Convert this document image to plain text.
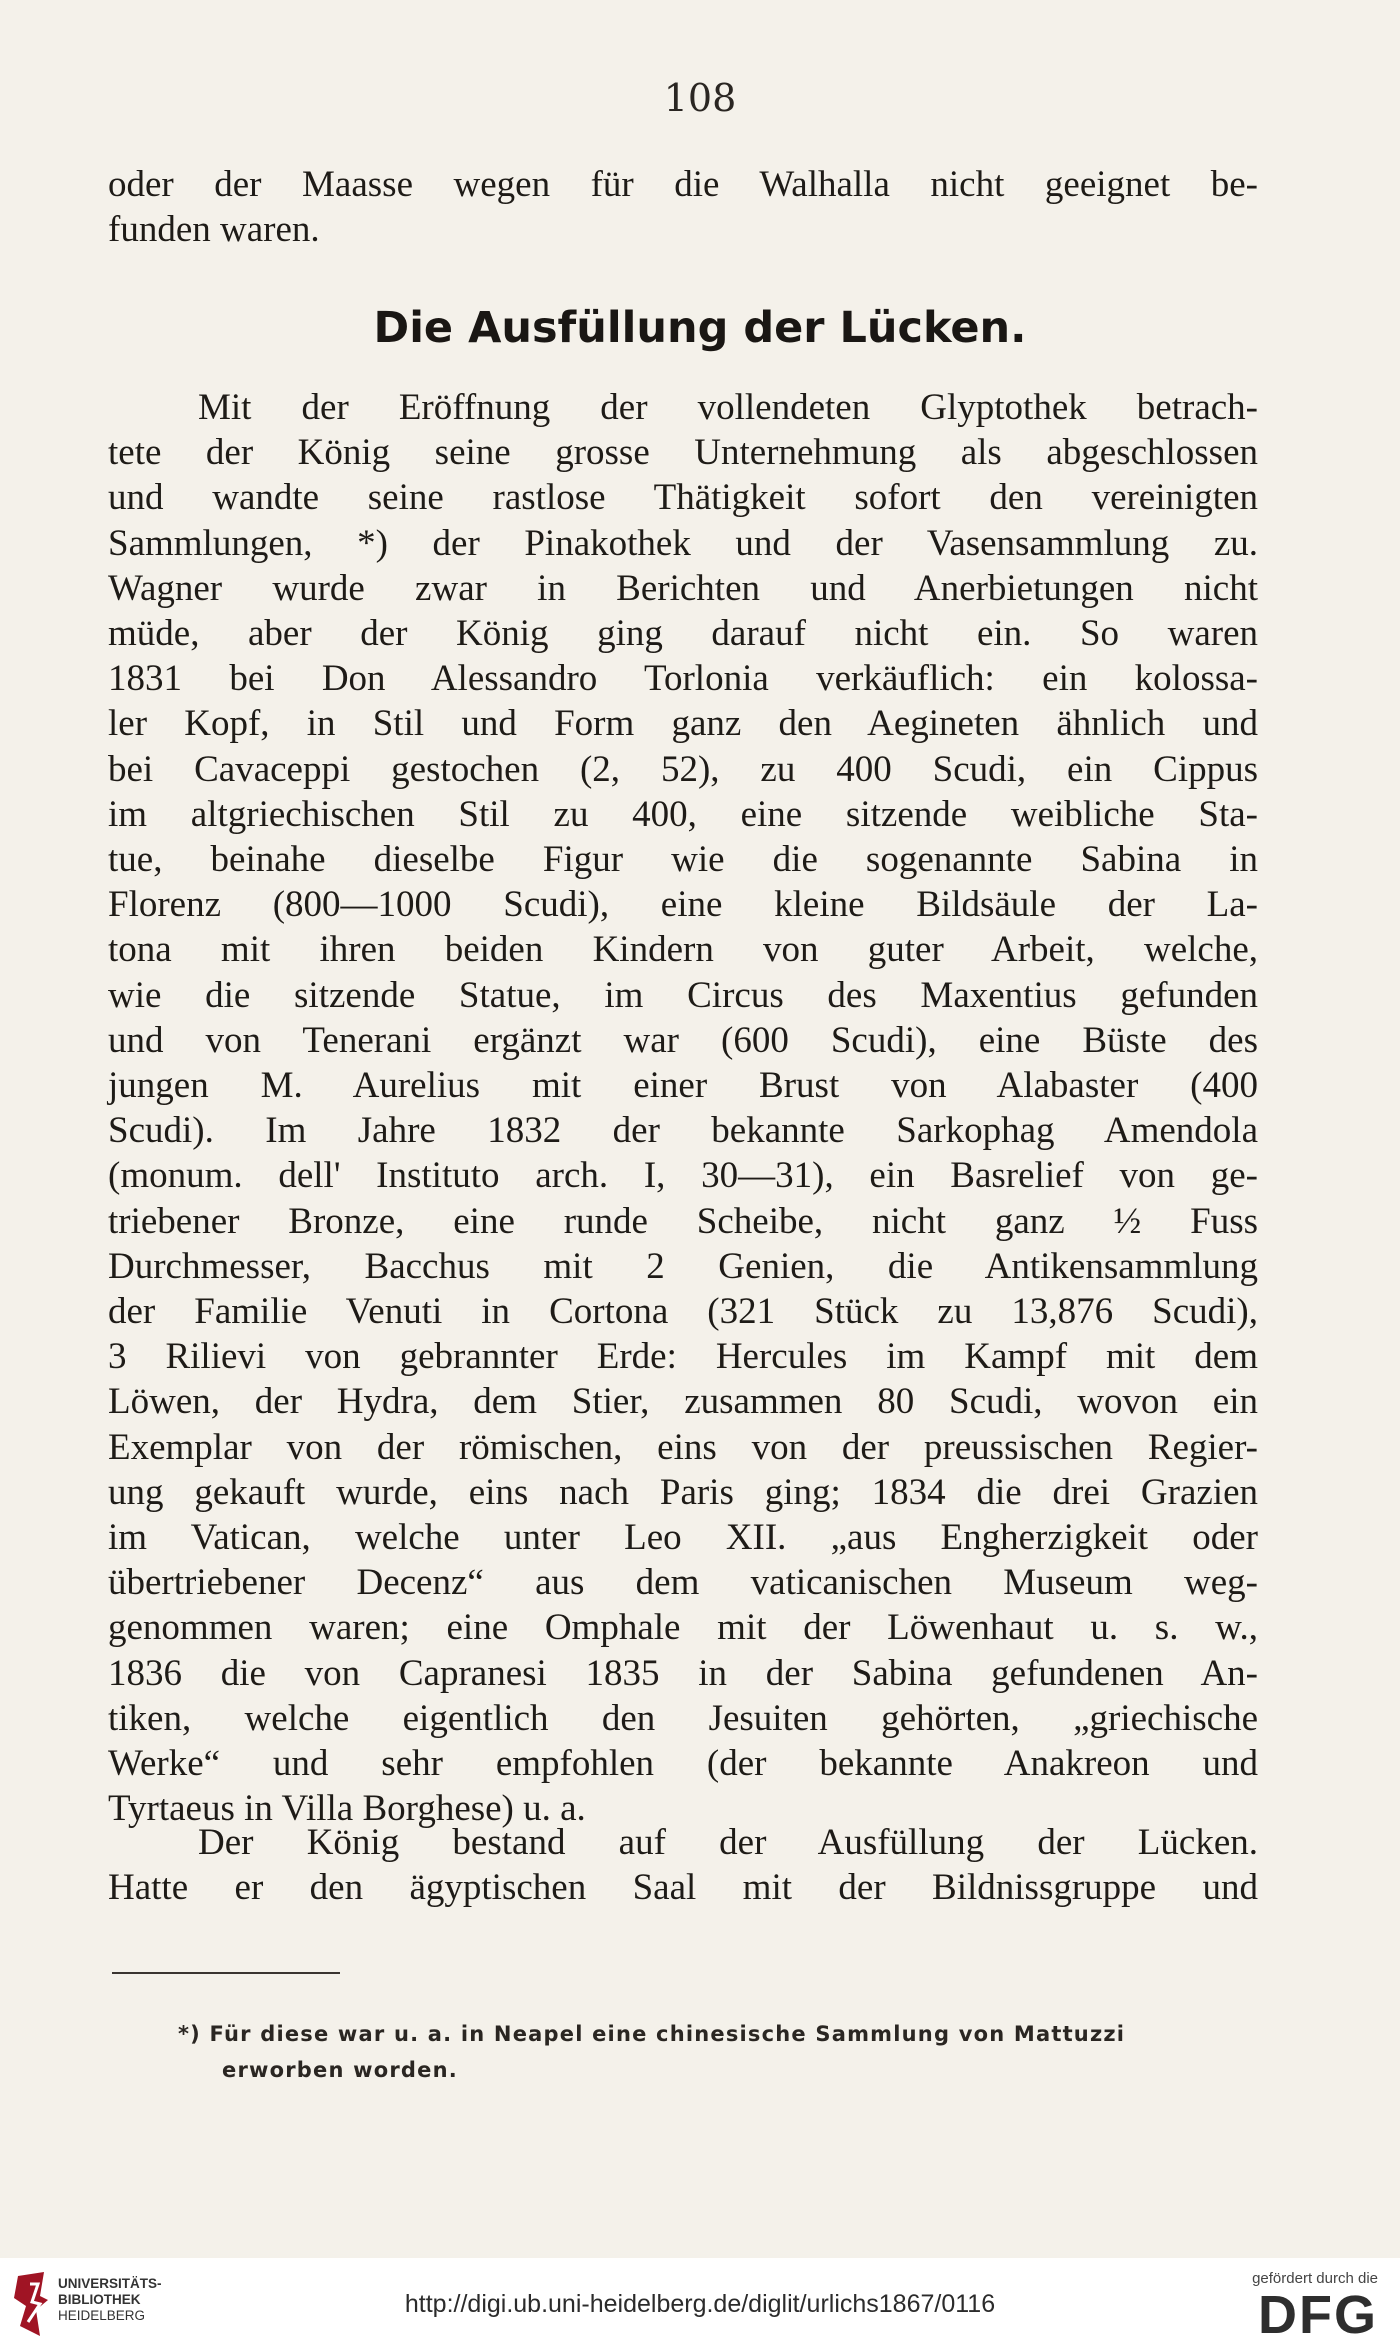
108
oder der Maasse wegen für die Walhalla nicht geeignet be-
funden waren.
Die Ausfüllung der Lücken.
Mit der Eröffnung der vollendeten Glyptothek betrach-
tete der König seine grosse Unternehmung als abgeschlossen
und wandte seine rastlose Thätigkeit sofort den vereinigten
Sammlungen, *) der Pinakothek und der Vasensammlung zu.
Wagner wurde zwar in Berichten und Anerbietungen nicht
müde, aber der König ging darauf nicht ein. So waren
1831 bei Don Alessandro Torlonia verkäuflich: ein kolossa-
ler Kopf, in Stil und Form ganz den Aegineten ähnlich und
bei Cavaceppi gestochen (2, 52), zu 400 Scudi, ein Cippus
im altgriechischen Stil zu 400, eine sitzende weibliche Sta-
tue, beinahe dieselbe Figur wie die sogenannte Sabina in
Florenz (800—1000 Scudi), eine kleine Bildsäule der La-
tona mit ihren beiden Kindern von guter Arbeit, welche,
wie die sitzende Statue, im Circus des Maxentius gefunden
und von Tenerani ergänzt war (600 Scudi), eine Büste des
jungen M. Aurelius mit einer Brust von Alabaster (400
Scudi). Im Jahre 1832 der bekannte Sarkophag Amendola
(monum. dell' Instituto arch. I, 30—31), ein Basrelief von ge-
triebener Bronze, eine runde Scheibe, nicht ganz ½ Fuss
Durchmesser, Bacchus mit 2 Genien, die Antikensammlung
der Familie Venuti in Cortona (321 Stück zu 13,876 Scudi),
3 Rilievi von gebrannter Erde: Hercules im Kampf mit dem
Löwen, der Hydra, dem Stier, zusammen 80 Scudi, wovon ein
Exemplar von der römischen, eins von der preussischen Regier-
ung gekauft wurde, eins nach Paris ging; 1834 die drei Grazien
im Vatican, welche unter Leo XII. „aus Engherzigkeit oder
übertriebener Decenz“ aus dem vaticanischen Museum weg-
genommen waren; eine Omphale mit der Löwenhaut u. s. w.,
1836 die von Capranesi 1835 in der Sabina gefundenen An-
tiken, welche eigentlich den Jesuiten gehörten, „griechische
Werke“ und sehr empfohlen (der bekannte Anakreon und
Tyrtaeus in Villa Borghese) u. a.
Der König bestand auf der Ausfüllung der Lücken.
Hatte er den ägyptischen Saal mit der Bildnissgruppe und
*) Für diese war u. a. in Neapel eine chinesische Sammlung von Mattuzzi
erworben worden.
UNIVERSITÄTS-
BIBLIOTHEK
HEIDELBERG	http://digi.ub.uni-heidelberg.de/diglit/urlichs1867/0116
gefördert durch die
DFG
